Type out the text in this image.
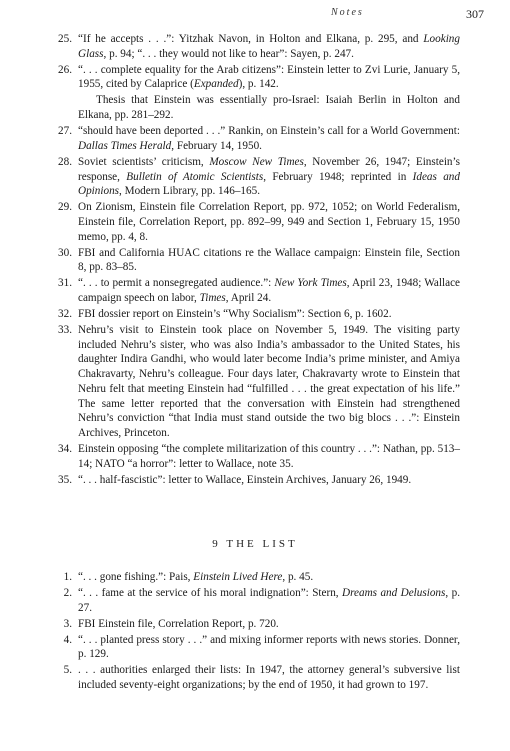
Notes	307
25. “If he accepts . . .”: Yitzhak Navon, in Holton and Elkana, p. 295, and Looking Glass, p. 94; “. . . they would not like to hear”: Sayen, p. 247.
26. “. . . complete equality for the Arab citizens”: Einstein letter to Zvi Lurie, January 5, 1955, cited by Calaprice (Expanded), p. 142.

Thesis that Einstein was essentially pro-Israel: Isaiah Berlin in Holton and Elkana, pp. 281–292.

27. “should have been deported . . .” Rankin, on Einstein’s call for a World Government: Dallas Times Herald, February 14, 1950.
28. Soviet scientists’ criticism, Moscow New Times, November 26, 1947; Einstein’s response, Bulletin of Atomic Scientists, February 1948; reprinted in Ideas and Opinions, Modern Library, pp. 146–165.
29. On Zionism, Einstein file Correlation Report, pp. 972, 1052; on World Federalism, Einstein file, Correlation Report, pp. 892–99, 949 and Section 1, February 15, 1950 memo, pp. 4, 8.
30. FBI and California HUAC citations re the Wallace campaign: Einstein file, Section 8, pp. 83–85.
31. “. . . to permit a nonsegregated audience.”: New York Times, April 23, 1948; Wallace campaign speech on labor, Times, April 24.
32. FBI dossier report on Einstein’s “Why Socialism”: Section 6, p. 1602.
33. Nehru’s visit to Einstein took place on November 5, 1949. The visiting party included Nehru’s sister, who was also India’s ambassador to the United States, his daughter Indira Gandhi, who would later become India’s prime minister, and Amiya Chakravarty, Nehru’s colleague. Four days later, Chakravarty wrote to Einstein that Nehru felt that meeting Einstein had “fulfilled . . . the great expectation of his life.” The same letter reported that the conversation with Einstein had strengthened Nehru’s conviction “that India must stand outside the two big blocs . . .”: Einstein Archives, Princeton.
34. Einstein opposing “the complete militarization of this country . . .”: Nathan, pp. 513–14; NATO “a horror”: letter to Wallace, note 35.
35. “. . . half-fascistic”: letter to Wallace, Einstein Archives, January 26, 1949.
9 THE LIST
1. “. . . gone fishing.”: Pais, Einstein Lived Here, p. 45.
2. “. . . fame at the service of his moral indignation”: Stern, Dreams and Delusions, p. 27.
3. FBI Einstein file, Correlation Report, p. 720.
4. “. . . planted press story . . .” and mixing informer reports with news stories. Donner, p. 129.
5. . . . authorities enlarged their lists: In 1947, the attorney general’s subversive list included seventy-eight organizations; by the end of 1950, it had grown to 197.
